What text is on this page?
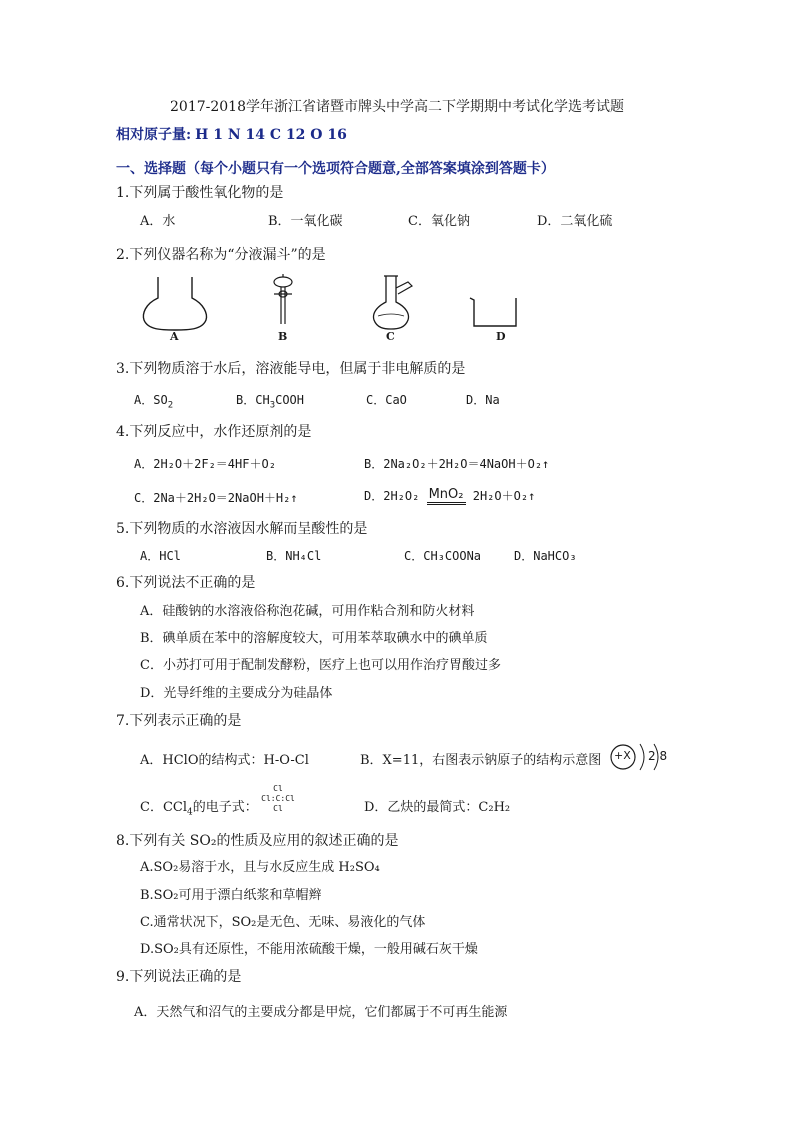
2017-2018学年浙江省诸暨市牌头中学高二下学期期中考试化学选考试题
相对原子量: H 1 N 14 C 12 O 16
一、选择题（每个小题只有一个选项符合题意,全部答案填涂到答题卡）
1.下列属于酸性氧化物的是
A．水	B．一氧化碳	C．氧化钠	D．二氧化硫
2.下列仪器名称为“分液漏斗”的是
A	B	C	D
3.下列物质溶于水后，溶液能导电，但属于非电解质的是
A．$SO_2$	B．$CH_3COOH$	C．CaO	D．Na
4.下列反应中，水作还原剂的是
A．2H₂O＋2F₂＝4HF＋O₂	B．2Na₂O₂＋2H₂O＝4NaOH＋O₂↑
C．2Na＋2H₂O＝2NaOH＋H₂↑	D．2H₂O₂ MnO₂ 2H₂O＋O₂↑
5.下列物质的水溶液因水解而呈酸性的是
A．HCl	B．NH₄Cl	C．CH₃COONa	D．NaHCO₃
6.下列说法不正确的是
A．硅酸钠的水溶液俗称泡花碱，可用作粘合剂和防火材料
B．碘单质在苯中的溶解度较大，可用苯萃取碘水中的碘单质
C．小苏打可用于配制发酵粉，医疗上也可以用作治疗胃酸过多
D．光导纤维的主要成分为硅晶体
7.下列表示正确的是
A．HClO的结构式：H-O-Cl	B．X=11，右图表示钠原子的结构示意图 +X 2 8
C．CCl$_4$的电子式：
Cl
Cl:C:Cl
Cl	D．乙炔的最简式：C₂H₂
8.下列有关 SO₂的性质及应用的叙述正确的是
A.SO₂易溶于水，且与水反应生成 H₂SO₄
B.SO₂可用于漂白纸浆和草帽辫
C.通常状况下，SO₂是无色、无味、易液化的气体
D.SO₂具有还原性，不能用浓硫酸干燥，一般用碱石灰干燥
9.下列说法正确的是
A．天然气和沼气的主要成分都是甲烷，它们都属于不可再生能源
